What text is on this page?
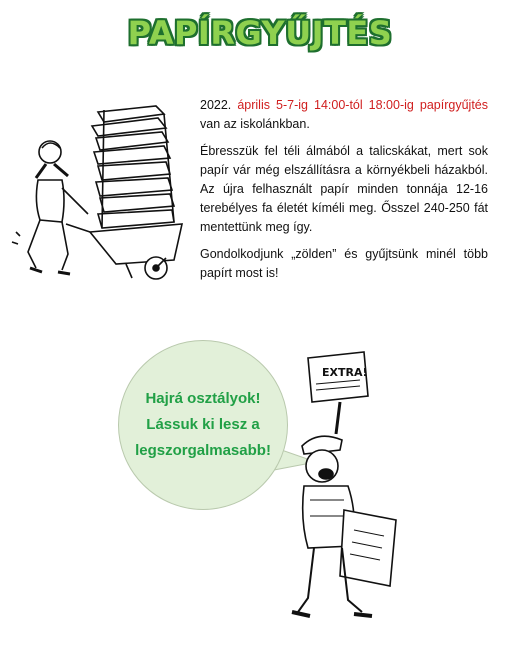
PAPÍRGYŰJTÉS

2022. április 5-7-ig 14:00-tól 18:00-ig papírgyűjtés van az iskolánkban.

Ébresszük fel téli álmából a talicskákat, mert sok papír vár még elszállításra a környékbeli házakból. Az újra felhasznált papír minden tonnája 12-16 terebélyes fa életét kíméli meg. Ősszel 240-250 fát mentettünk meg így.

Gondolkodjunk „zölden” és gyűjtsünk minél több papírt most is!

Hajrá osztályok!
Lássuk ki lesz a
legszorgalmasabb!
EXTRA!
